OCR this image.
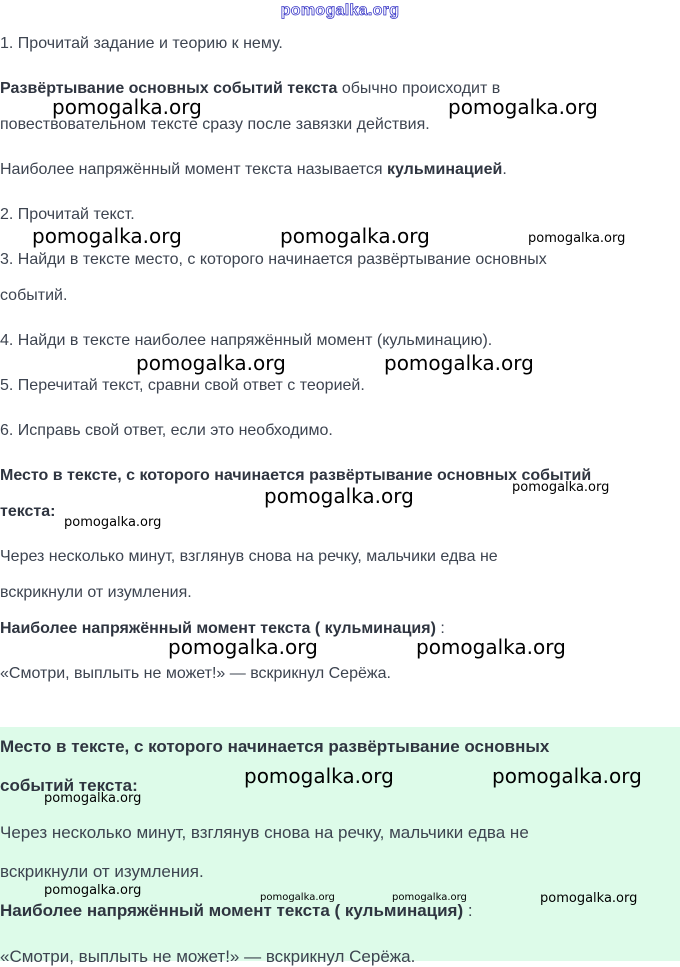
pomogalka.org

1. Прочитай задание и теорию к нему.

Развёртывание основных событий текста обычно происходит в

повествовательном тексте сразу после завязки действия.

Наиболее напряжённый момент текста называется кульминацией.

2. Прочитай текст.

3. Найди в тексте место, с которого начинается развёртывание основных

событий.

4. Найди в тексте наиболее напряжённый момент (кульминацию).

5. Перечитай текст, сравни свой ответ с теорией.

6. Исправь свой ответ, если это необходимо.

Место в тексте, с которого начинается развёртывание основных событий

текста:

Через несколько минут, взглянув снова на речку, мальчики едва не

вскрикнули от изумления.

Наиболее напряжённый момент текста ( кульминация) :

«Смотри, выплыть не может!» — вскрикнул Серёжа.

Место в тексте, с которого начинается развёртывание основных

событий текста:

Через несколько минут, взглянув снова на речку, мальчики едва не

вскрикнули от изумления.

Наиболее напряжённый момент текста ( кульминация) :

«Смотри, выплыть не может!» — вскрикнул Серёжа.

pomogalka.org	pomogalka.org
pomogalka.org	pomogalka.org	pomogalka.org
pomogalka.org	pomogalka.org
pomogalka.org	pomogalka.org
pomogalka.org
pomogalka.org	pomogalka.org
pomogalka.org	pomogalka.org
pomogalka.org
pomogalka.org	pomogalka.org	pomogalka.org	pomogalka.org
